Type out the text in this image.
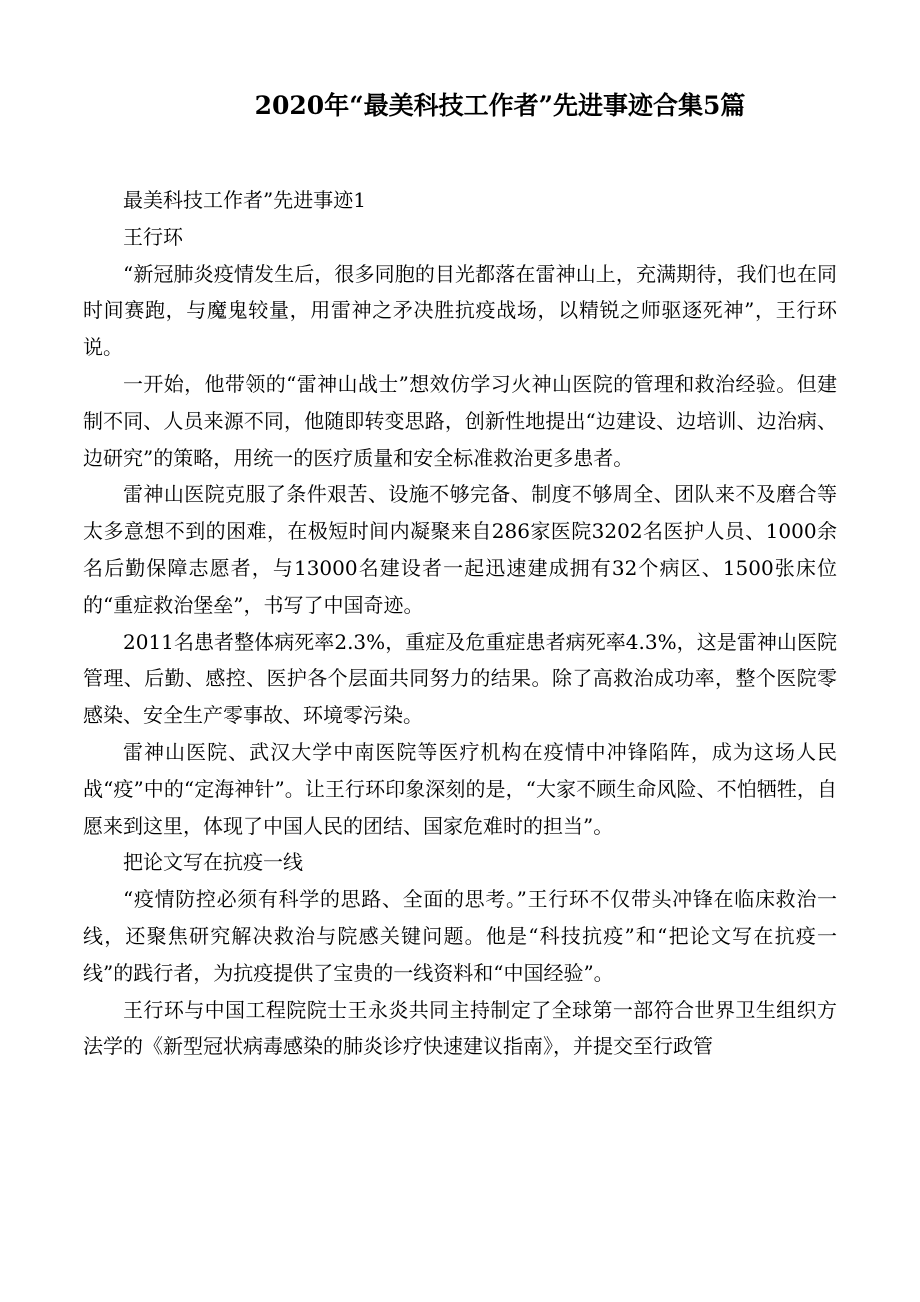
2020年“最美科技工作者”先进事迹合集5篇

最美科技工作者”先进事迹1

王行环

“新冠肺炎疫情发生后，很多同胞的目光都落在雷神山上，充满期待，我们也在同时间赛跑，与魔鬼较量，用雷神之矛决胜抗疫战场，以精锐之师驱逐死神”，王行环说。

一开始，他带领的“雷神山战士”想效仿学习火神山医院的管理和救治经验。但建制不同、人员来源不同，他随即转变思路，创新性地提出“边建设、边培训、边治病、边研究”的策略，用统一的医疗质量和安全标准救治更多患者。

雷神山医院克服了条件艰苦、设施不够完备、制度不够周全、团队来不及磨合等太多意想不到的困难，在极短时间内凝聚来自286家医院3202名医护人员、1000余名后勤保障志愿者，与13000名建设者一起迅速建成拥有32个病区、1500张床位的“重症救治堡垒”，书写了中国奇迹。

2011名患者整体病死率2.3%，重症及危重症患者病死率4.3%，这是雷神山医院管理、后勤、感控、医护各个层面共同努力的结果。除了高救治成功率，整个医院零感染、安全生产零事故、环境零污染。

雷神山医院、武汉大学中南医院等医疗机构在疫情中冲锋陷阵，成为这场人民战“疫”中的“定海神针”。让王行环印象深刻的是，“大家不顾生命风险、不怕牺牲，自愿来到这里，体现了中国人民的团结、国家危难时的担当”。

把论文写在抗疫一线

“疫情防控必须有科学的思路、全面的思考。”王行环不仅带头冲锋在临床救治一线，还聚焦研究解决救治与院感关键问题。他是“科技抗疫”和“把论文写在抗疫一线”的践行者，为抗疫提供了宝贵的一线资料和“中国经验”。

王行环与中国工程院院士王永炎共同主持制定了全球第一部符合世界卫生组织方法学的《新型冠状病毒感染的肺炎诊疗快速建议指南》，并提交至行政管
